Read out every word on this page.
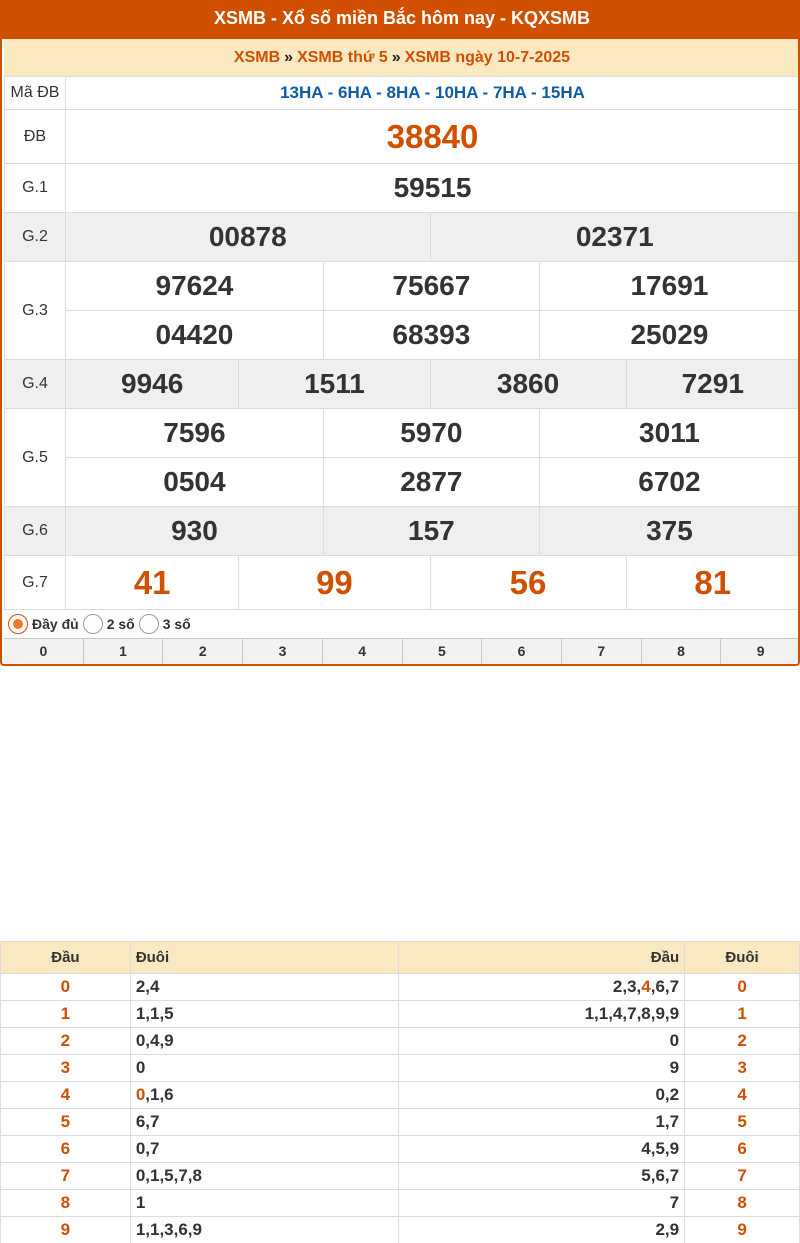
XSMB - Xổ số miền Bắc hôm nay - KQXSMB
XSMB » XSMB thứ 5 » XSMB ngày 10-7-2025
Mã ĐB	13HA - 6HA - 8HA - 10HA - 7HA - 15HA					
ĐB	38840					
G.1	59515					
G.2	00878			02371		
G.3	97624		75667		17691	
	04420		68393		25029	
G.4	9946	1511		3860		7291
G.5	7596		5970		3011	
	0504		2877		6702	
G.6	930		157		375	
G.7	41	99		56		81
Đầy đủ 2 số 3 số
0	1	2	3	4	5	6	7	8	9
Đầu	Đuôi	Đầu	Đuôi
0	2,4	2,3,4,6,7	0
1	1,1,5	1,1,4,7,8,9,9	1
2	0,4,9	0	2
3	0	9	3
4	0,1,6	0,2	4
5	6,7	1,7	5
6	0,7	4,5,9	6
7	0,1,5,7,8	5,6,7	7
8	1	7	8
9	1,1,3,6,9	2,9	9
